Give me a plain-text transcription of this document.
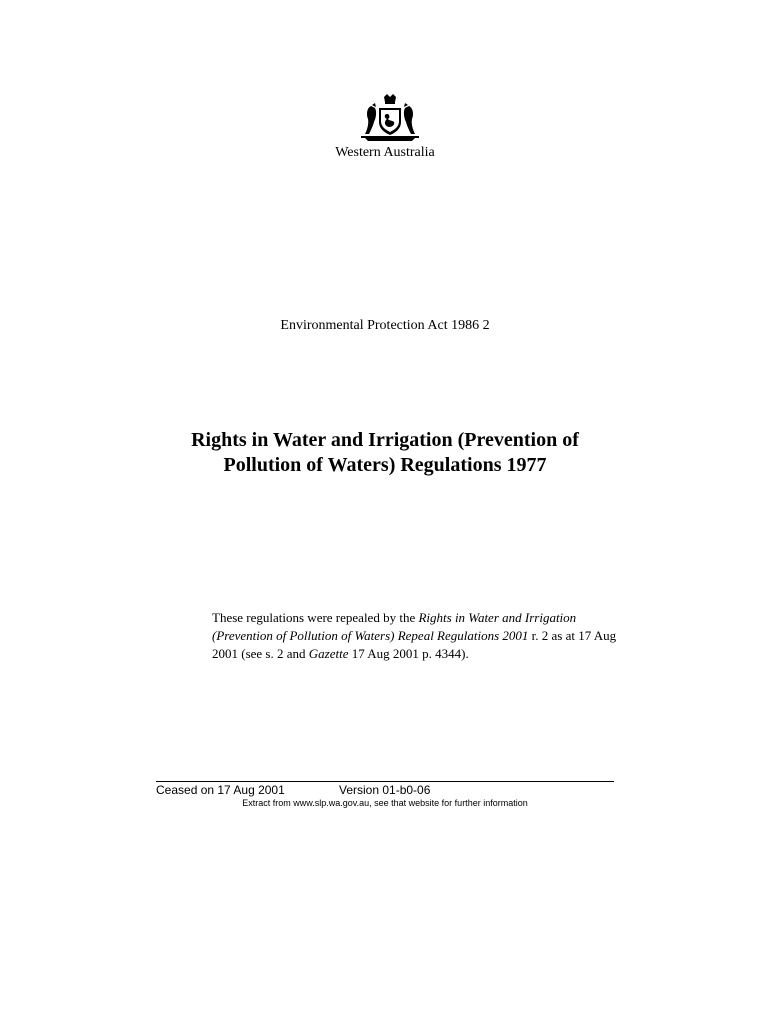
Western Australia
Environmental Protection Act 1986 2
Rights in Water and Irrigation (Prevention of
Pollution of Waters) Regulations 1977

These regulations were repealed by the Rights in Water and Irrigation (Prevention of Pollution of Waters) Repeal Regulations 2001 r. 2 as at 17 Aug 2001 (see s. 2 and Gazette 17 Aug 2001 p. 4344).

Ceased on 17 Aug 2001	Version 01-b0-06
Extract from www.slp.wa.gov.au, see that website for further information
